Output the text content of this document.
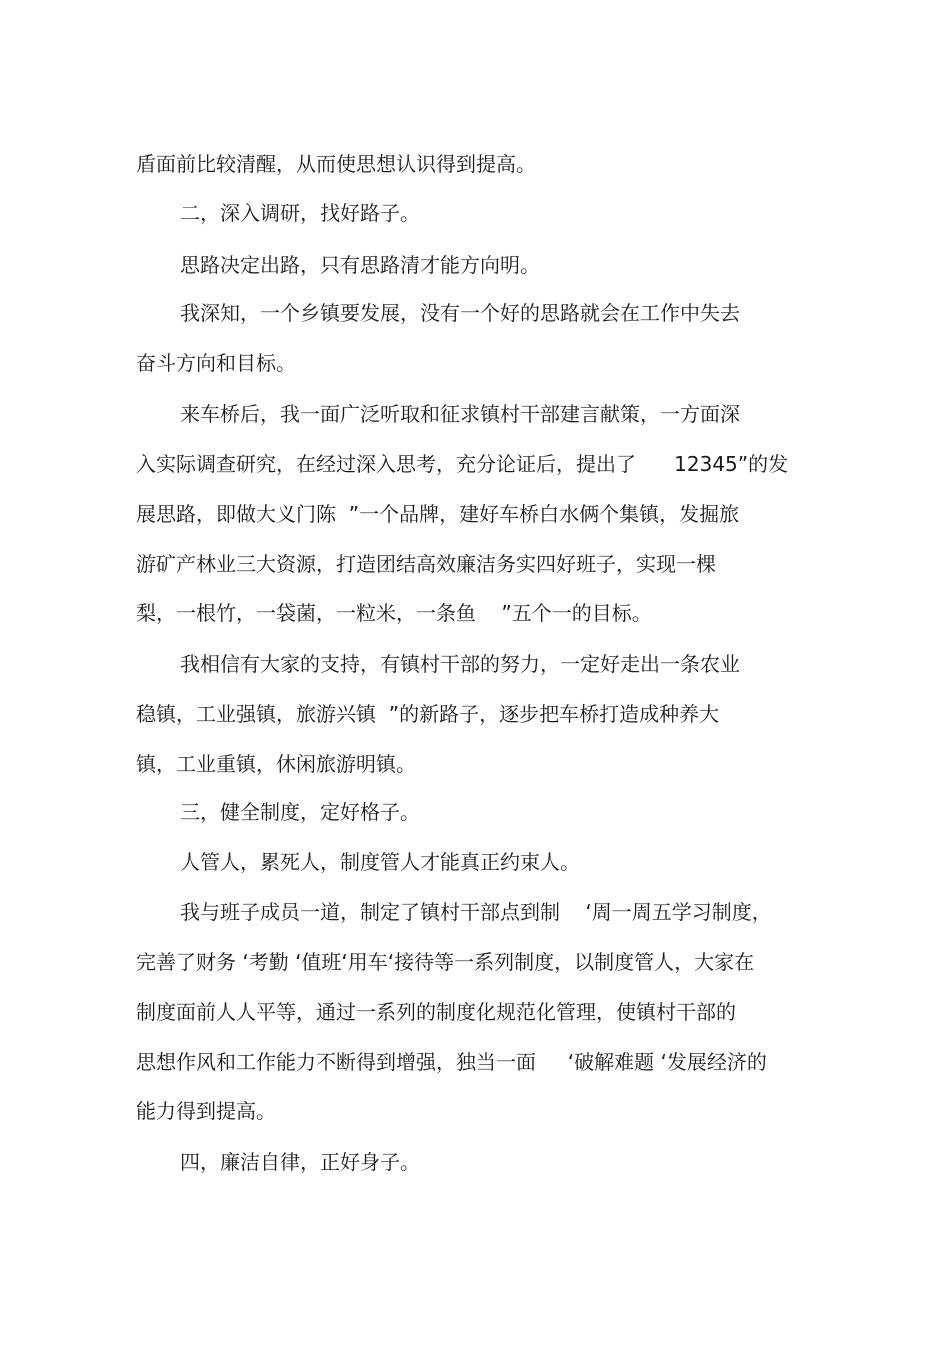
盾面前比较清醒，从而使思想认识得到提高。
二，深入调研，找好路子。
思路决定出路，只有思路清才能方向明。
我深知，一个乡镇要发展，没有一个好的思路就会在工作中失去
奋斗方向和目标。
来车桥后，我一面广泛听取和征求镇村干部建言献策，一方面深
入实际调查研究，在经过深入思考，充分论证后，提出了      12345”的发
展思路，即做大义门陈  ”一个品牌，建好车桥白水俩个集镇，发掘旅
游矿产林业三大资源，打造团结高效廉洁务实四好班子，实现一棵
梨，一根竹，一袋菌，一粒米，一条鱼    ”五个一的目标。
我相信有大家的支持，有镇村干部的努力，一定好走出一条农业
稳镇，工业强镇，旅游兴镇  ”的新路子，逐步把车桥打造成种养大
镇，工业重镇，休闲旅游明镇。
三，健全制度，定好格子。
人管人，累死人，制度管人才能真正约束人。
我与班子成员一道，制定了镇村干部点到制    ‘周一周五学习制度，
完善了财务 ‘考勤 ‘值班‘用车‘接待等一系列制度，以制度管人，大家在
制度面前人人平等，通过一系列的制度化规范化管理，使镇村干部的
思想作风和工作能力不断得到增强，独当一面     ‘破解难题 ‘发展经济的
能力得到提高。
四，廉洁自律，正好身子。
